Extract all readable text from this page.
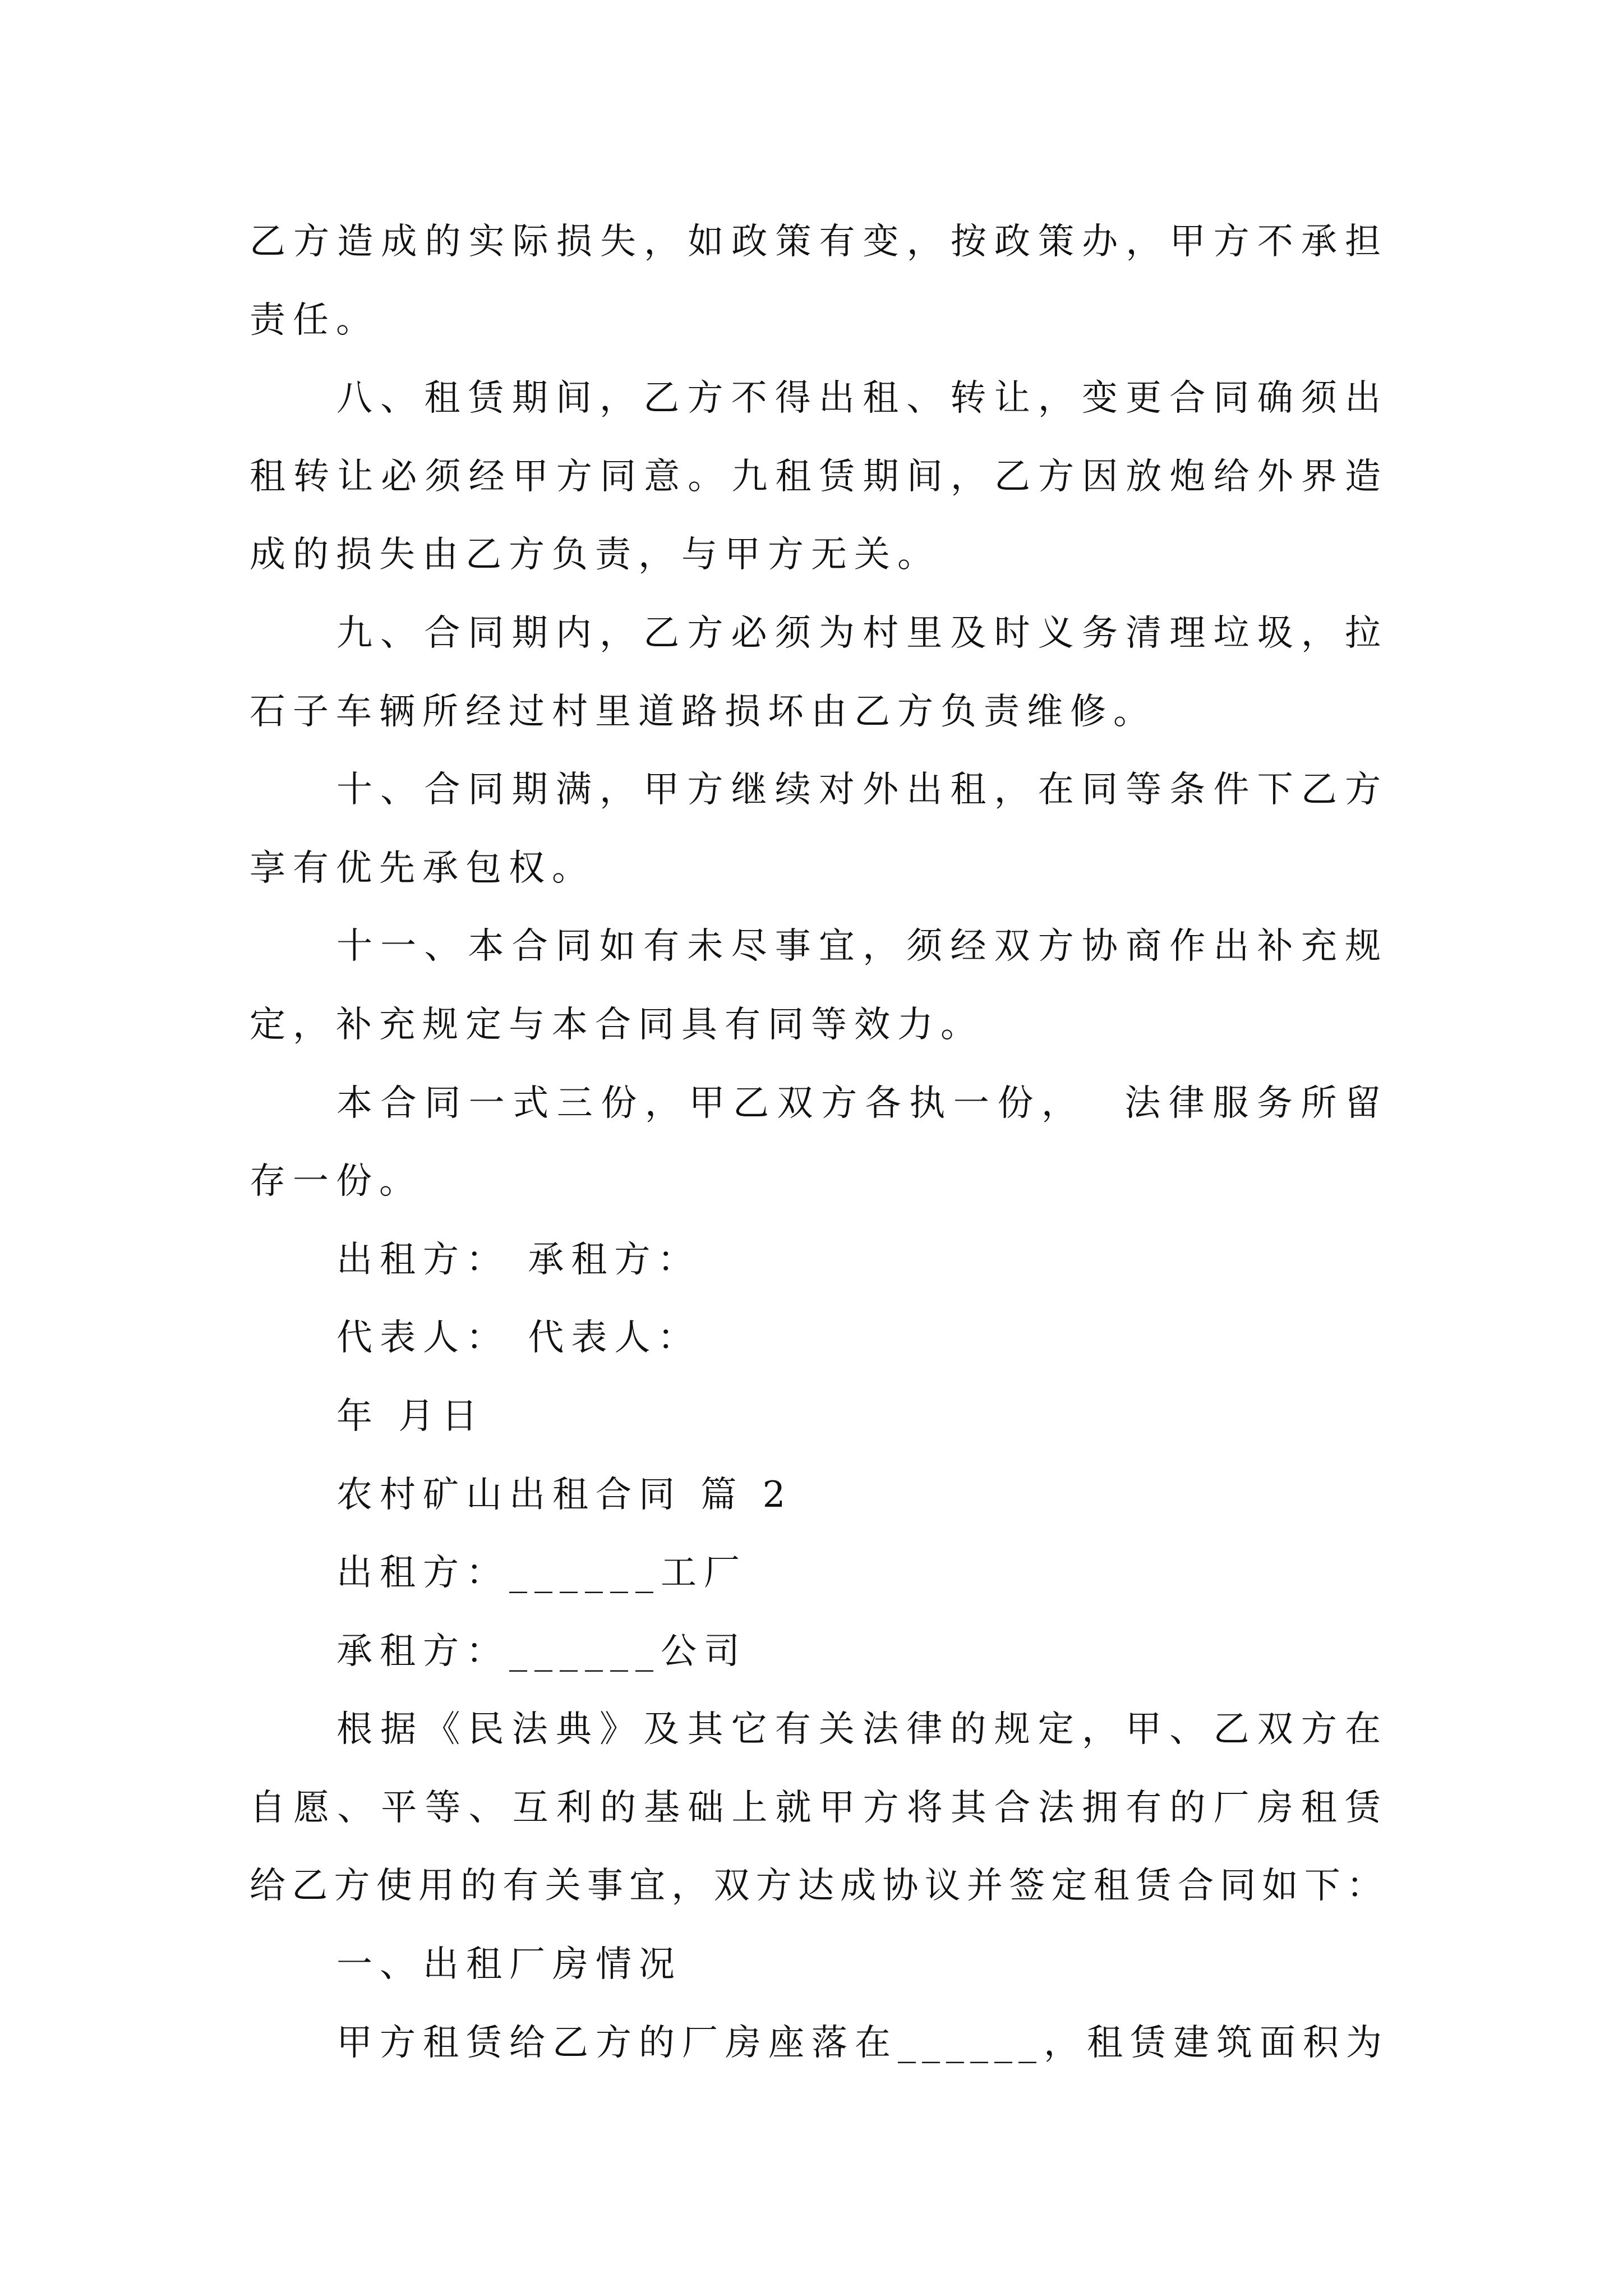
乙方造成的实际损失，如政策有变，按政策办，甲方不承担
责任。
八、租赁期间，乙方不得出租、转让，变更合同确须出
租转让必须经甲方同意。九租赁期间，乙方因放炮给外界造
成的损失由乙方负责，与甲方无关。
九、合同期内，乙方必须为村里及时义务清理垃圾，拉
石子车辆所经过村里道路损坏由乙方负责维修。
十、合同期满，甲方继续对外出租，在同等条件下乙方
享有优先承包权。
十一、本合同如有未尽事宜，须经双方协商作出补充规
定，补充规定与本合同具有同等效力。
本合同一式三份，甲乙双方各执一份，  法律服务所留
存一份。
出租方： 承租方：
代表人： 代表人：
年 月日
农村矿山出租合同 篇 2
出租方：______工厂
承租方：______公司
根据《民法典》及其它有关法律的规定，甲、乙双方在
自愿、平等、互利的基础上就甲方将其合法拥有的厂房租赁
给乙方使用的有关事宜，双方达成协议并签定租赁合同如下：
一、出租厂房情况
甲方租赁给乙方的厂房座落在______，租赁建筑面积为
